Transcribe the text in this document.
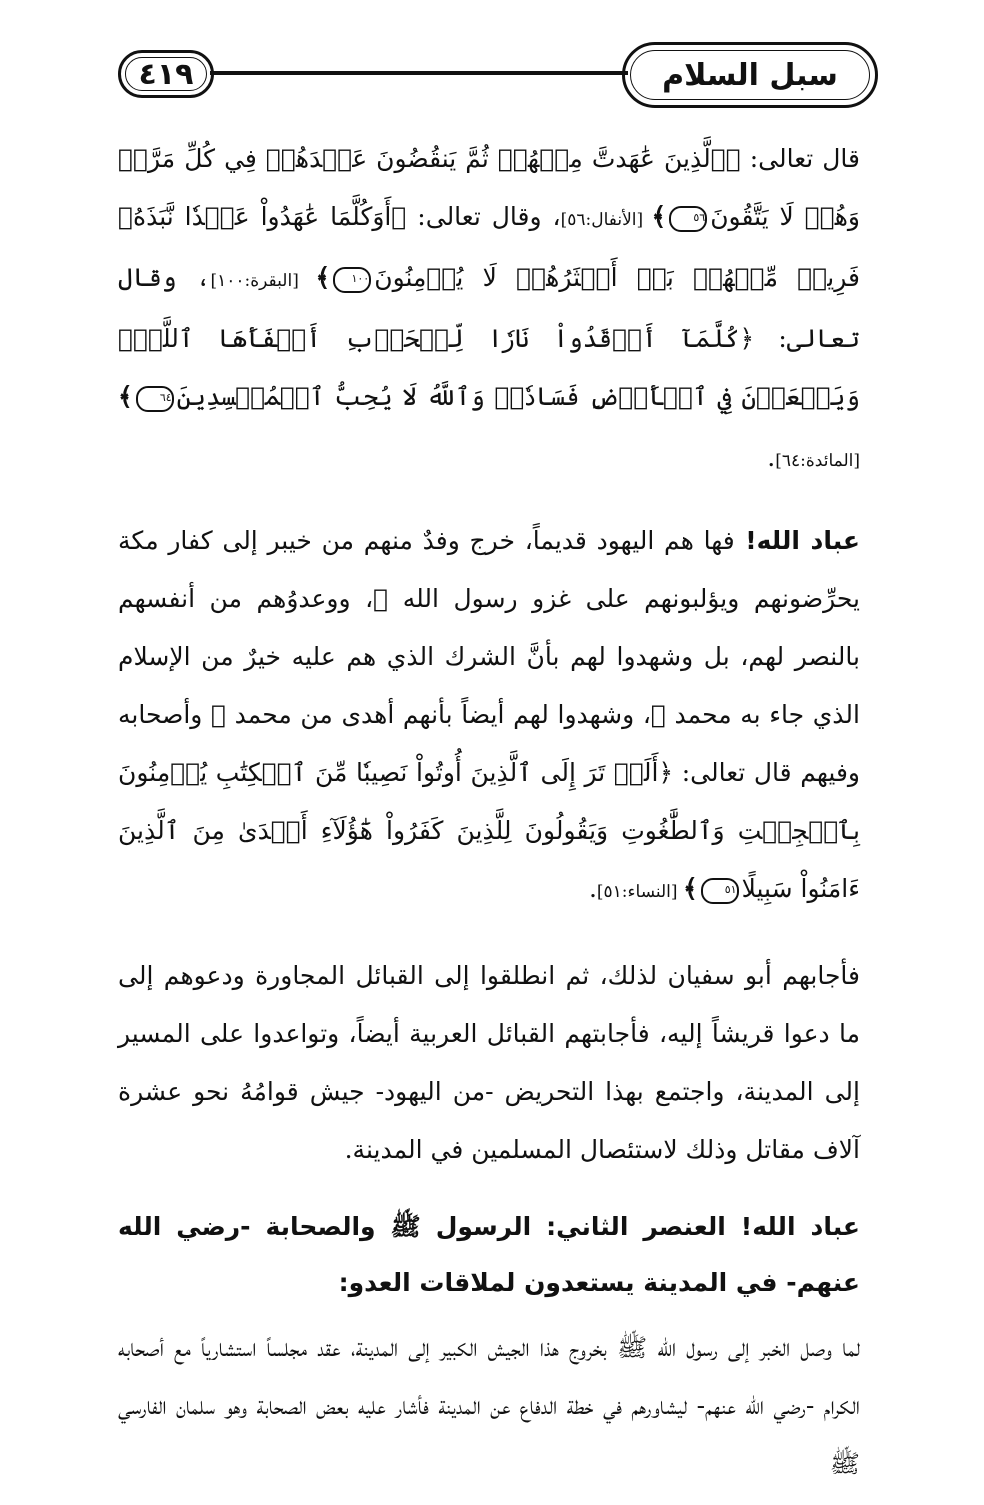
٤١٩	سبل السلام

قال تعالى: ﴿ٱلَّذِينَ عَٰهَدتَّ مِنۡهُمۡ ثُمَّ يَنقُضُونَ عَهۡدَهُمۡ فِي كُلِّ مَرَّةٖ وَهُمۡ لَا يَتَّقُونَ٥٦﴾ [الأنفال:٥٦]، وقال تعالى: ﴿أَوَكُلَّمَا عَٰهَدُواْ عَهۡدٗا نَّبَذَهُۥ فَرِيقٞ مِّنۡهُمۚ بَلۡ أَكۡثَرُهُمۡ لَا يُؤۡمِنُونَ١٠٠﴾ [البقرة:١٠٠]، وقال تعالى: ﴿كُلَّمَآ أَوۡقَدُواْ نَارٗا لِّلۡحَرۡبِ أَطۡفَأَهَا ٱللَّهُۚ وَيَسۡعَوۡنَ فِي ٱلۡأَرۡضِ فَسَادٗاۚ وَٱللَّهُ لَا يُحِبُّ ٱلۡمُفۡسِدِينَ٦٤﴾ [المائدة:٦٤].

عباد الله! فها هم اليهود قديماً، خرج وفدٌ منهم من خيبر إلى كفار مكة يحرِّضونهم ويؤلبونهم على غزو رسول الله ﷺ، ووعدوُهم من أنفسهم بالنصر لهم، بل وشهدوا لهم بأنَّ الشرك الذي هم عليه خيرٌ من الإسلام الذي جاء به محمد ﷺ، وشهدوا لهم أيضاً بأنهم أهدى من محمد ﷺ وأصحابه وفيهم قال تعالى: ﴿أَلَمۡ تَرَ إِلَى ٱلَّذِينَ أُوتُواْ نَصِيبٗا مِّنَ ٱلۡكِتَٰبِ يُؤۡمِنُونَ بِٱلۡجِبۡتِ وَٱلطَّٰغُوتِ وَيَقُولُونَ لِلَّذِينَ كَفَرُواْ هَٰٓؤُلَآءِ أَهۡدَىٰ مِنَ ٱلَّذِينَ ءَامَنُواْ سَبِيلًا٥١﴾ [النساء:٥١].

فأجابهم أبو سفيان لذلك، ثم انطلقوا إلى القبائل المجاورة ودعوهم إلى ما دعوا قريشاً إليه، فأجابتهم القبائل العربية أيضاً، وتواعدوا على المسير إلى المدينة، واجتمع بهذا التحريض -من اليهود- جيش قوامُهُ نحو عشرة آلاف مقاتل وذلك لاستئصال المسلمين في المدينة.

عباد الله! العنصر الثاني: الرسول ﷺ والصحابة -رضي الله عنهم- في المدينة يستعدون لملاقات العدو:

لما وصل الخبر إلى رسول الله ﷺ بخروج هذا الجيش الكبير إلى المدينة، عقد مجلساً استشارياً مع أصحابه الكرام -رضي الله عنهم- ليشاورهم في خطة الدفاع عن المدينة فأشار عليه بعض الصحابة وهو سلمان الفارسي ﷺ
